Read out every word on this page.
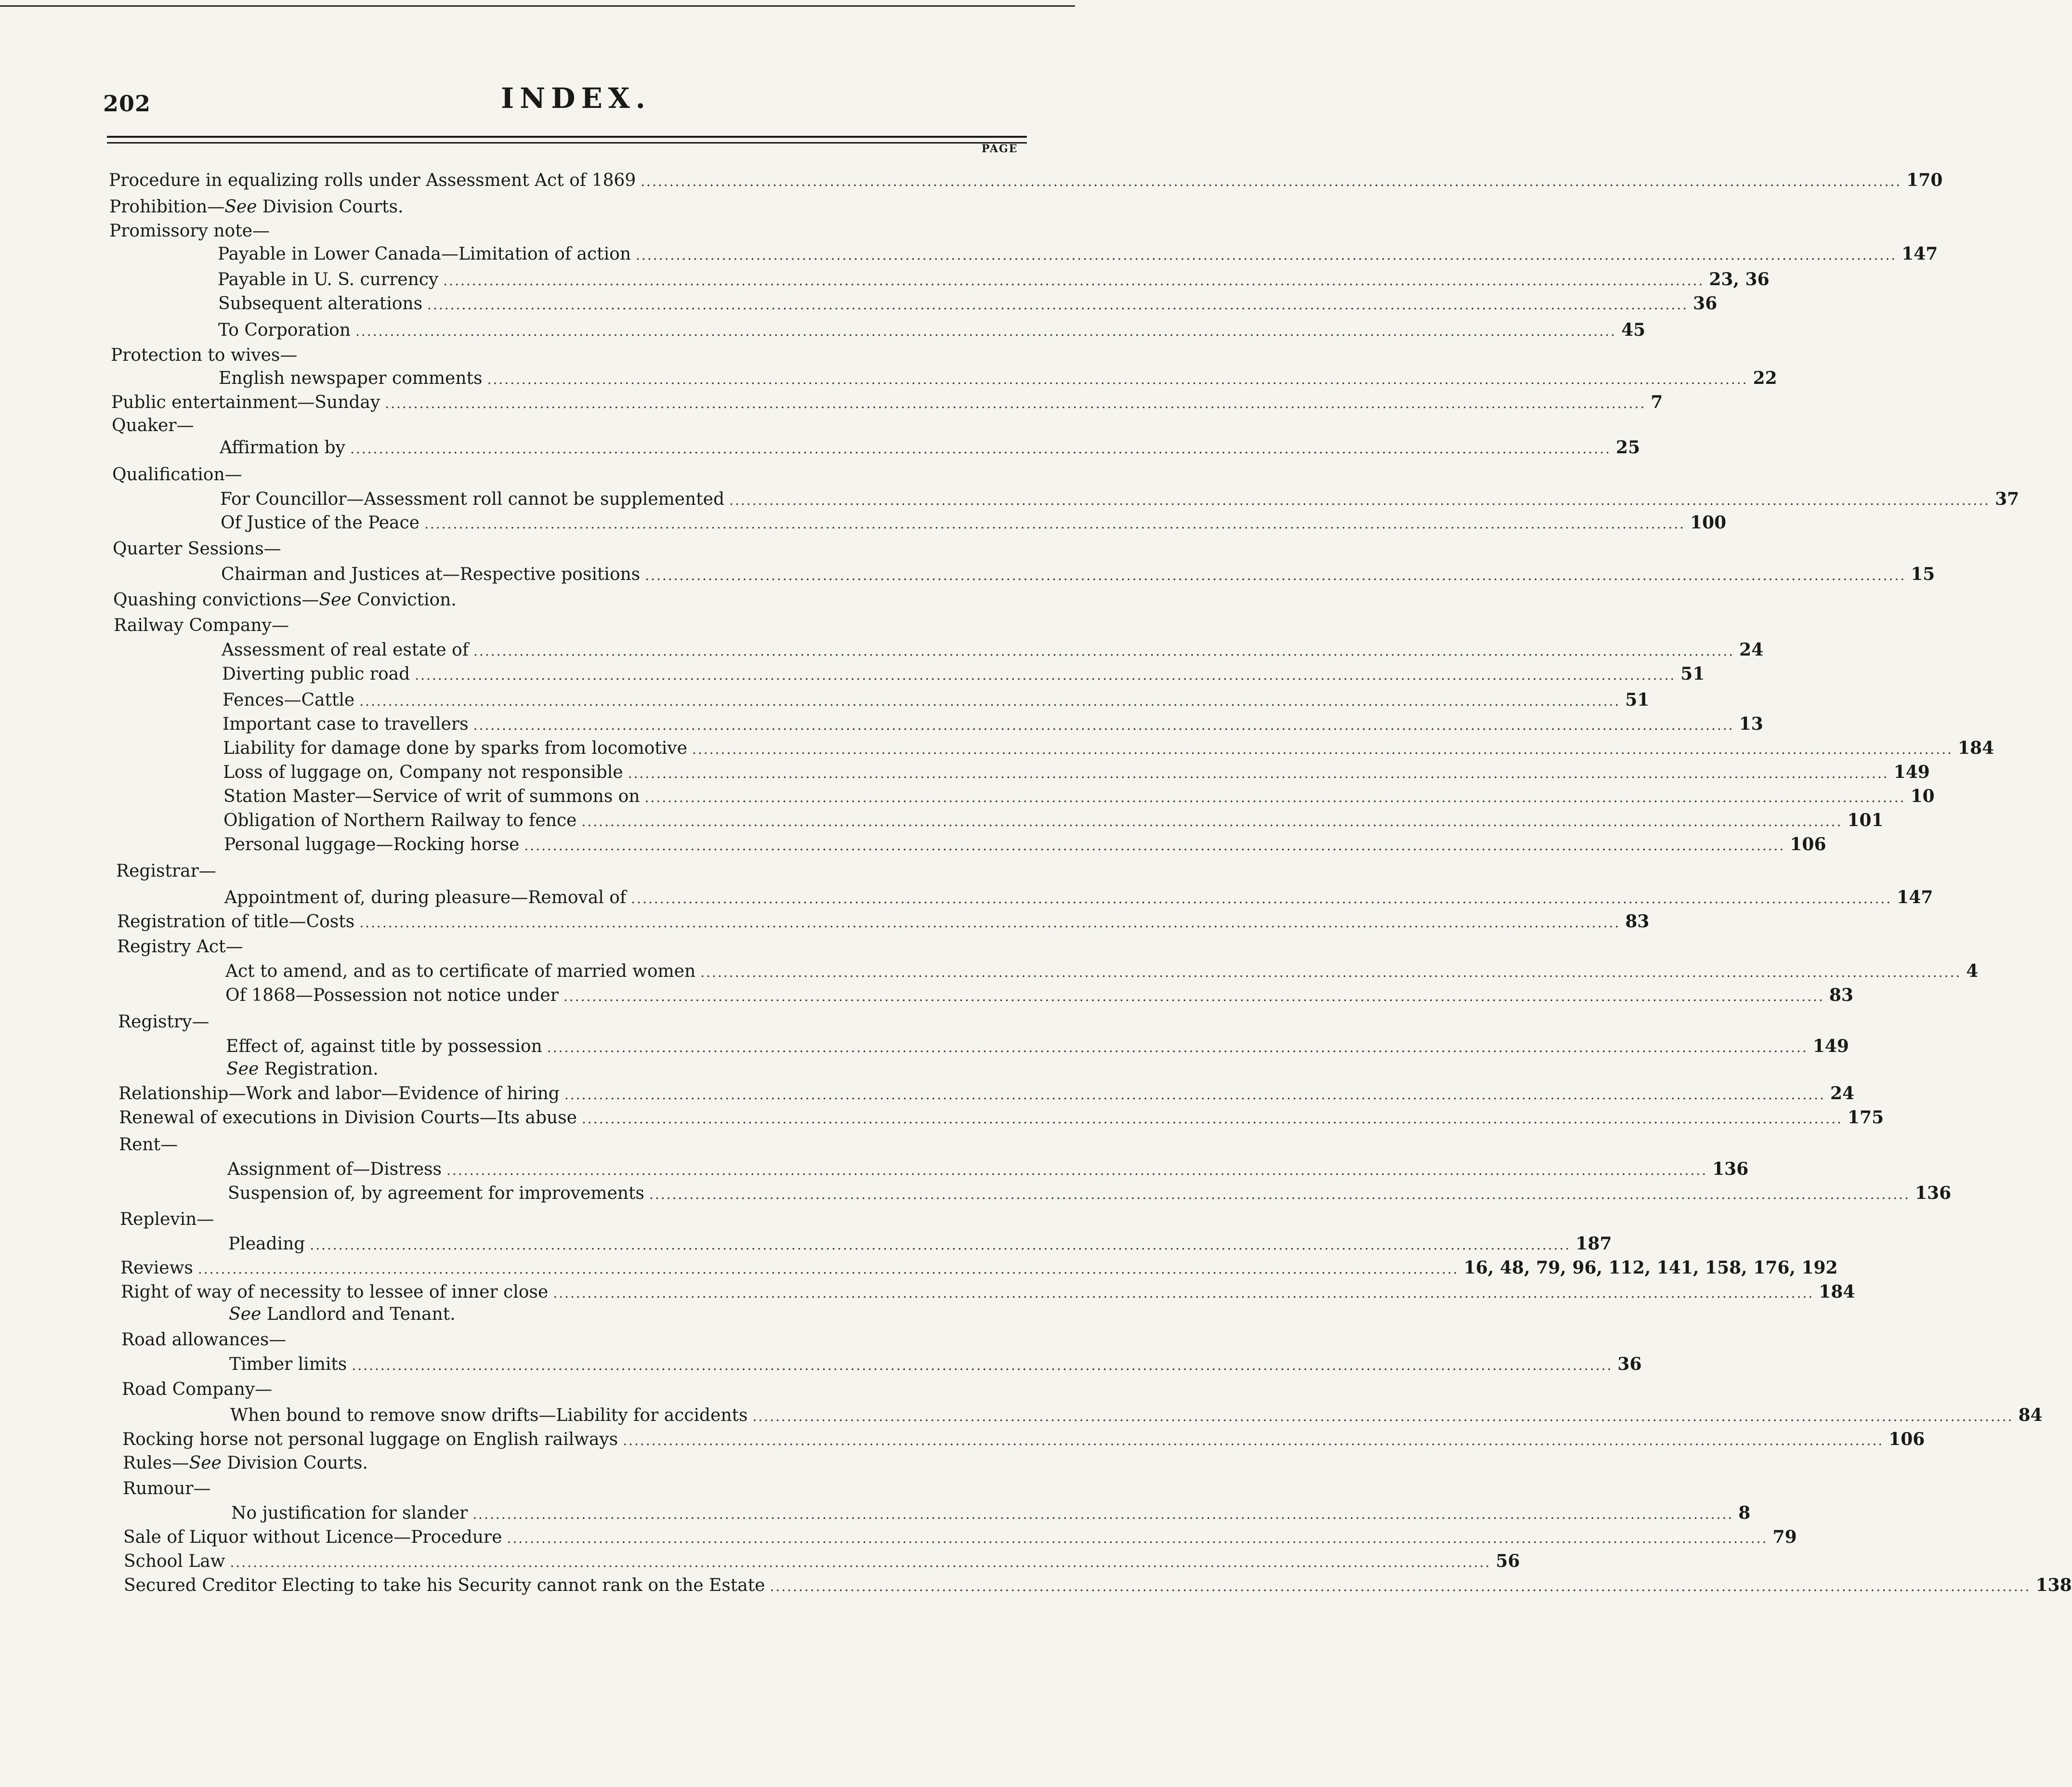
202	INDEX.
PAGE
Procedure in equalizing rolls under Assessment Act of 1869 ............................................................................................................................................................................................................................ 170
Prohibition—See Division Courts.
Promissory note—
Payable in Lower Canada—Limitation of action ............................................................................................................................................................................................................................ 147
Payable in U. S. currency ............................................................................................................................................................................................................................ 23, 36
Subsequent alterations ............................................................................................................................................................................................................................ 36
To Corporation ............................................................................................................................................................................................................................ 45
Protection to wives—
English newspaper comments ............................................................................................................................................................................................................................ 22
Public entertainment—Sunday ............................................................................................................................................................................................................................ 7
Quaker—
Affirmation by ............................................................................................................................................................................................................................ 25
Qualification—
For Councillor—Assessment roll cannot be supplemented ............................................................................................................................................................................................................................ 37
Of Justice of the Peace ............................................................................................................................................................................................................................ 100
Quarter Sessions—
Chairman and Justices at—Respective positions ............................................................................................................................................................................................................................ 15
Quashing convictions—See Conviction.
Railway Company—
Assessment of real estate of ............................................................................................................................................................................................................................ 24
Diverting public road ............................................................................................................................................................................................................................ 51
Fences—Cattle ............................................................................................................................................................................................................................ 51
Important case to travellers ............................................................................................................................................................................................................................ 13
Liability for damage done by sparks from locomotive ............................................................................................................................................................................................................................ 184
Loss of luggage on, Company not responsible ............................................................................................................................................................................................................................ 149
Station Master—Service of writ of summons on ............................................................................................................................................................................................................................ 10
Obligation of Northern Railway to fence ............................................................................................................................................................................................................................ 101
Personal luggage—Rocking horse ............................................................................................................................................................................................................................ 106
Registrar—
Appointment of, during pleasure—Removal of ............................................................................................................................................................................................................................ 147
Registration of title—Costs ............................................................................................................................................................................................................................ 83
Registry Act—
Act to amend, and as to certificate of married women ............................................................................................................................................................................................................................ 4
Of 1868—Possession not notice under ............................................................................................................................................................................................................................ 83
Registry—
Effect of, against title by possession ............................................................................................................................................................................................................................ 149
See Registration.
Relationship—Work and labor—Evidence of hiring ............................................................................................................................................................................................................................ 24
Renewal of executions in Division Courts—Its abuse ............................................................................................................................................................................................................................ 175
Rent—
Assignment of—Distress ............................................................................................................................................................................................................................ 136
Suspension of, by agreement for improvements ............................................................................................................................................................................................................................ 136
Replevin—
Pleading ............................................................................................................................................................................................................................ 187
Reviews ............................................................................................................................................................................................................................ 16, 48, 79, 96, 112, 141, 158, 176, 192
Right of way of necessity to lessee of inner close ............................................................................................................................................................................................................................ 184
See Landlord and Tenant.
Road allowances—
Timber limits ............................................................................................................................................................................................................................ 36
Road Company—
When bound to remove snow drifts—Liability for accidents ............................................................................................................................................................................................................................ 84
Rocking horse not personal luggage on English railways ............................................................................................................................................................................................................................ 106
Rules—See Division Courts.
Rumour—
No justification for slander ............................................................................................................................................................................................................................ 8
Sale of Liquor without Licence—Procedure ............................................................................................................................................................................................................................ 79
School Law ............................................................................................................................................................................................................................ 56
Secured Creditor Electing to take his Security cannot rank on the Estate ............................................................................................................................................................................................................................ 138
